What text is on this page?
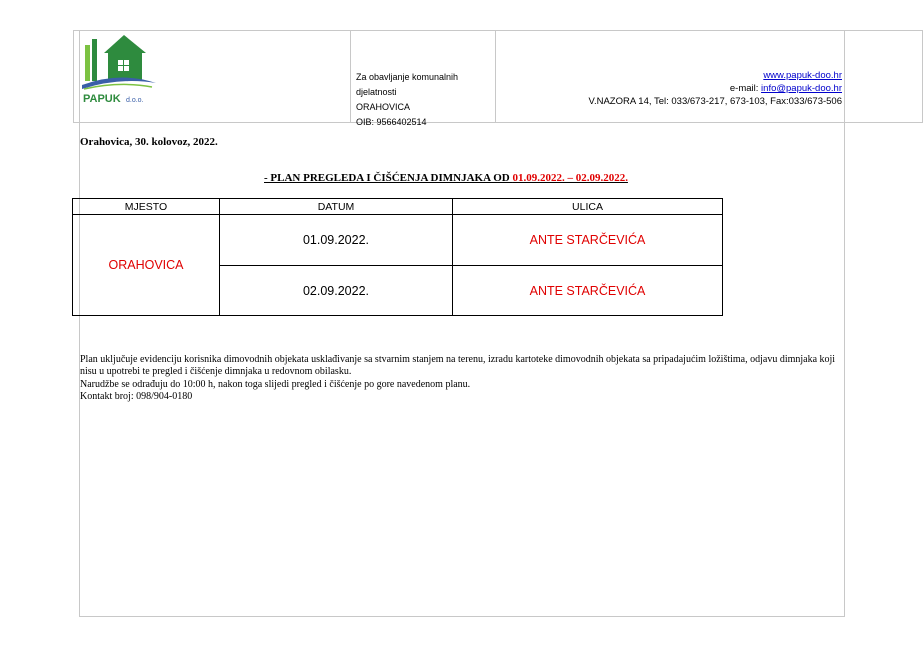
PAPUK d.o.o.
Za obavljanje komunalnih
djelatnosti
ORAHOVICA
OIB: 9566402514
www.papuk-doo.hr
e-mail: info@papuk-doo.hr
V.NAZORA 14, Tel: 033/673-217, 673-103, Fax:033/673-506
Orahovica, 30. kolovoz, 2022.
- PLAN PREGLEDA I ČIŠĆENJA DIMNJAKA OD 01.09.2022. – 02.09.2022.
MJESTO	DATUM	ULICA
ORAHOVICA	01.09.2022.	ANTE STARČEVIĆA
	02.09.2022.	ANTE STARČEVIĆA

Plan uključuje evidenciju korisnika dimovodnih objekata usklađivanje sa stvarnim stanjem na terenu, izradu kartoteke dimovodnih objekata sa pripadajućim ložištima, odjavu dimnjaka koji nisu u upotrebi te pregled i čišćenje dimnjaka u redovnom obilasku.

Narudžbe se odrađuju do 10:00 h, nakon toga slijedi pregled i čišćenje po gore navedenom planu.

Kontakt broj: 098/904-0180
